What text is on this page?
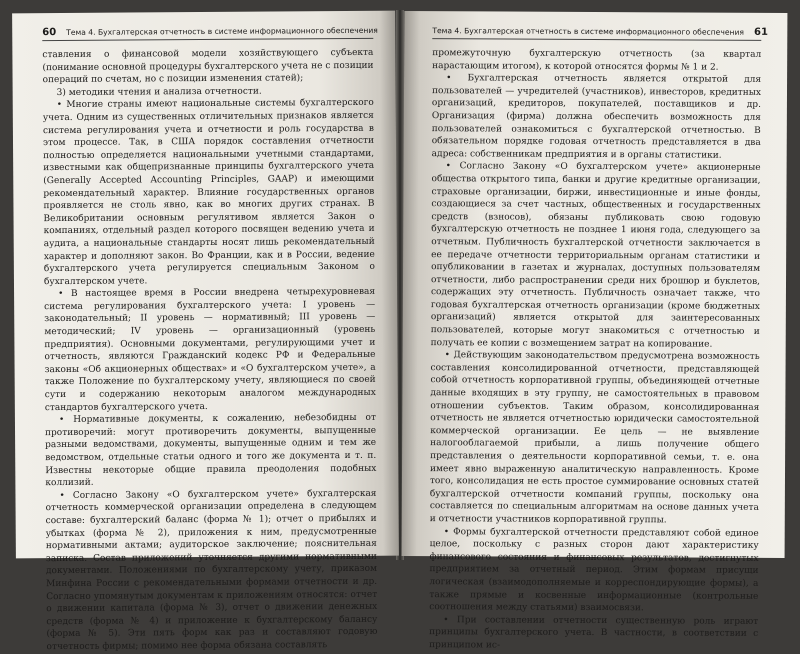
60 Тема 4. Бухгалтерская отчетность в системе информационного обеспечения

ставления о финансовой модели хозяйствующего субъекта (понимание основной процедуры бухгалтерского учета не с позиции операций по счетам, но с позиции изменения статей);

3) методики чтения и анализа отчетности.

• Многие страны имеют национальные системы бухгалтерского учета. Одним из существенных отличительных признаков является система регулирования учета и отчетности и роль государства в этом процессе. Так, в США порядок составления отчетности полностью определяется национальными учетными стандартами, известными как общепризнанные принципы бухгалтерского учета (Generally Accepted Accounting Principles, GAAP) и имеющими рекомендательный характер. Влияние государственных органов проявляется не столь явно, как во многих других странах. В Великобритании основным регулятивом является Закон о компаниях, отдельный раздел которого посвящен ведению учета и аудита, а национальные стандарты носят лишь рекомендательный характер и дополняют закон. Во Франции, как и в России, ведение бухгалтерского учета регулируется специальным Законом о бухгалтерском учете.

• В настоящее время в России внедрена четырехуровневая система регулирования бухгалтерского учета: I уровень — законодательный; II уровень — нормативный; III уровень — методический; IV уровень — организационный (уровень предприятия). Основными документами, регулирующими учет и отчетность, являются Гражданский кодекс РФ и Федеральные законы «Об акционерных обществах» и «О бухгалтерском учете», а также Положение по бухгалтерскому учету, являющиеся по своей сути и содержанию некоторым аналогом международных стандартов бухгалтерского учета.

• Нормативные документы, к сожалению, небезобидны от противоречий: могут противоречить документы, выпущенные разными ведомствами, документы, выпущенные одним и тем же ведомством, отдельные статьи одного и того же документа и т. п. Известны некоторые общие правила преодоления подобных коллизий.

• Согласно Закону «О бухгалтерском учете» бухгалтерская отчетность коммерческой организации определена в следующем составе: бухгалтерский баланс (форма № 1); отчет о прибылях и убытках (форма № 2), приложения к ним, предусмотренные нормативными актами; аудиторское заключение; пояснительная записка. Состав приложений уточняется другими нормативными документами. Положениями по бухгалтерскому учету, приказом Минфина России с рекомендательными формами отчетности и др. Согласно упомянутым документам к приложениям относятся: отчет о движении капитала (форма № 3), отчет о движении денежных средств (форма № 4) и приложение к бухгалтерскому балансу (форма № 5). Эти пять форм как раз и составляют годовую отчетность фирмы; помимо нее форма обязана составлять

Тема 4. Бухгалтерская отчетность в системе информационного обеспечения 61

промежуточную бухгалтерскую отчетность (за квартал нарастающим итогом), к которой относятся формы № 1 и 2.

• Бухгалтерская отчетность является открытой для пользователей — учредителей (участников), инвесторов, кредитных организаций, кредиторов, покупателей, поставщиков и др. Организация (фирма) должна обеспечить возможность для пользователей ознакомиться с бухгалтерской отчетностью. В обязательном порядке годовая отчетность представляется в два адреса: собственникам предприятия и в органы статистики.

• Согласно Закону «О бухгалтерском учете» акционерные общества открытого типа, банки и другие кредитные организации, страховые организации, биржи, инвестиционные и иные фонды, создающиеся за счет частных, общественных и государственных средств (взносов), обязаны публиковать свою годовую бухгалтерскую отчетность не позднее 1 июня года, следующего за отчетным. Публичность бухгалтерской отчетности заключается в ее передаче отчетности территориальным органам статистики и опубликовании в газетах и журналах, доступных пользователям отчетности, либо распространении среди них брошюр и буклетов, содержащих эту отчетность. Публичность означает также, что годовая бухгалтерская отчетность организации (кроме бюджетных организаций) является открытой для заинтересованных пользователей, которые могут знакомиться с отчетностью и получать ее копии с возмещением затрат на копирование.

• Действующим законодательством предусмотрена возможность составления консолидированной отчетности, представляющей собой отчетность корпоративной группы, объединяющей отчетные данные входящих в эту группу, не самостоятельных в правовом отношении субъектов. Таким образом, консолидированная отчетность не является отчетностью юридически самостоятельной коммерческой организации. Ее цель — не выявление налогооблагаемой прибыли, а лишь получение общего представления о деятельности корпоративной семьи, т. е. она имеет явно выраженную аналитическую направленность. Кроме того, консолидация не есть простое суммирование основных статей бухгалтерской отчетности компаний группы, поскольку она составляется по специальным алгоритмам на основе данных учета и отчетности участников корпоративной группы.

• Формы бухгалтерской отчетности представляют собой единое целое, поскольку с разных сторон дают характеристику финансового состояния и финансовых результатов, достигнутых предприятием за отчетный период. Этим формам присущи логическая (взаимодополняемые и корреспондирующие формы), а также прямые и косвенные информационные (контрольные соотношения между статьями) взаимосвязи.

• При составлении отчетности существенную роль играют принципы бухгалтерского учета. В частности, в соответствии с принципом ис-
